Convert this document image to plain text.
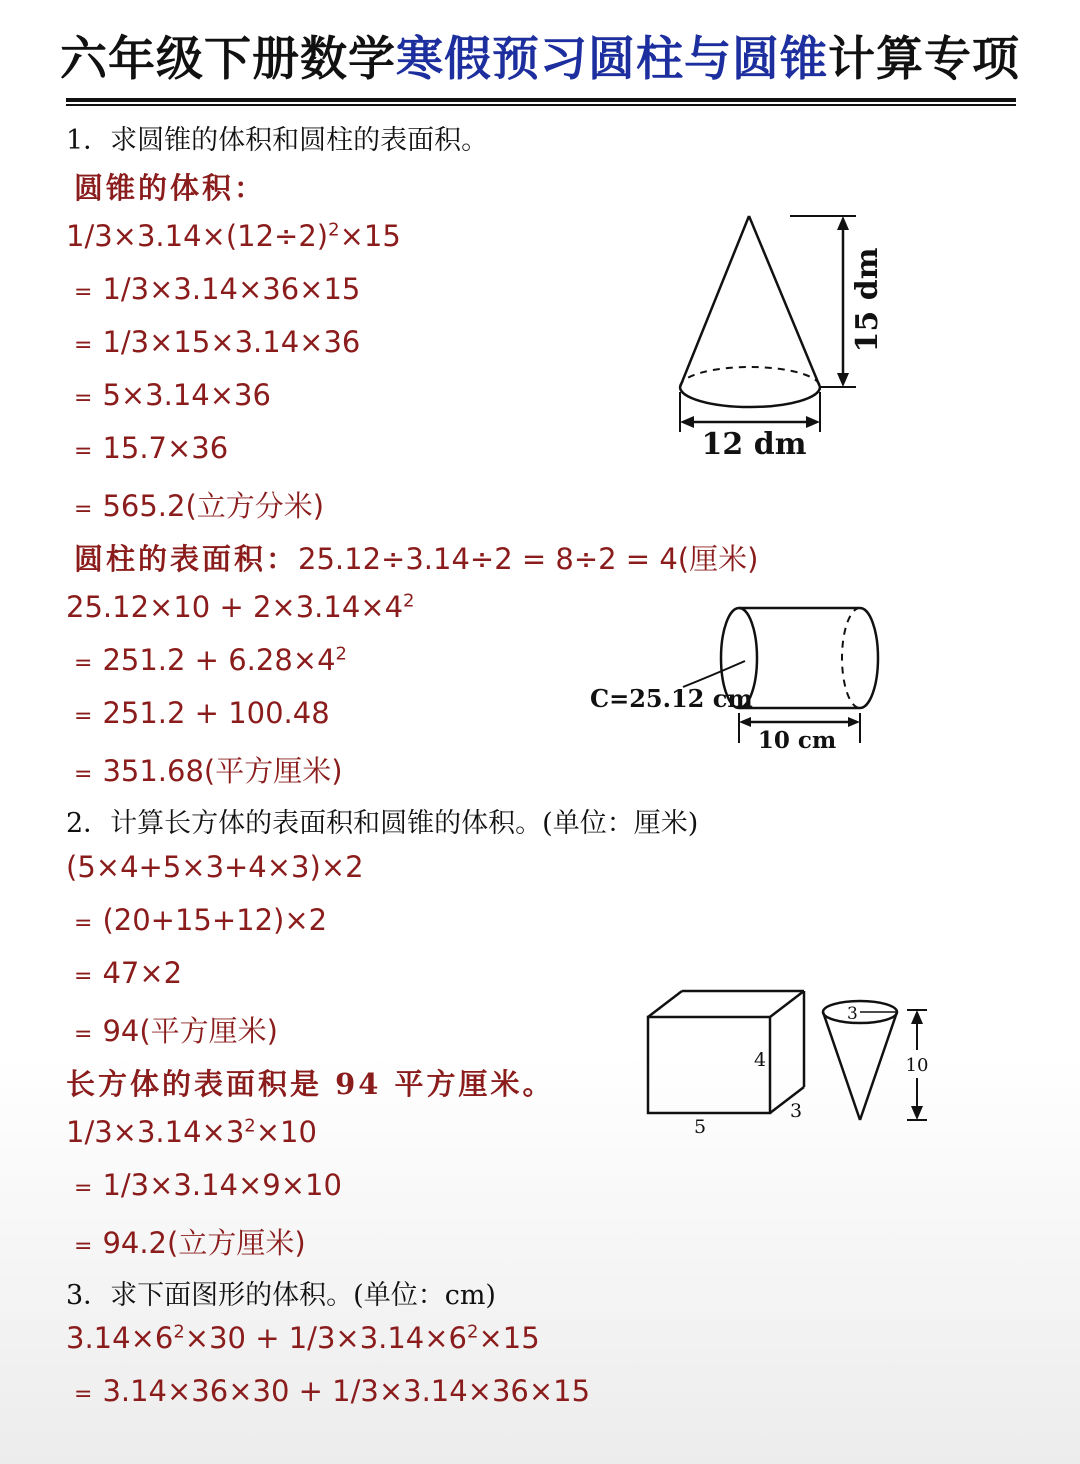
六年级下册数学寒假预习圆柱与圆锥计算专项
1．求圆锥的体积和圆柱的表面积。
圆锥的体积：
$1/3\times 3.14\times(12\div 2)^2\times 15$
= 1/3×3.14×36×15
= 1/3×15×3.14×36
= 5×3.14×36
= 15.7×36
= 565.2(立方分米)
圆柱的表面积：25.12÷3.14÷2 = 8÷2 = 4(厘米)
$25.12\times 10 + 2\times 3.14\times 4^2$
= $251.2 + 6.28\times 4^2$
= 251.2 + 100.48
= 351.68(平方厘米)
2．计算长方体的表面积和圆锥的体积。(单位：厘米)
(5×4+5×3+4×3)×2
= (20+15+12)×2
= 47×2
= 94(平方厘米)
长方体的表面积是 94 平方厘米。
$1/3\times 3.14\times 3^2\times 10$
= 1/3×3.14×9×10
= 94.2(立方厘米)
3．求下面图形的体积。(单位：cm)
$3.14\times 6^2\times 30 + 1/3\times 3.14\times 6^2\times 15$
= 3.14×36×30 + 1/3×3.14×36×15
15 dm
12 dm
C=25.12 cm
10 cm
4
3
5
3
10
